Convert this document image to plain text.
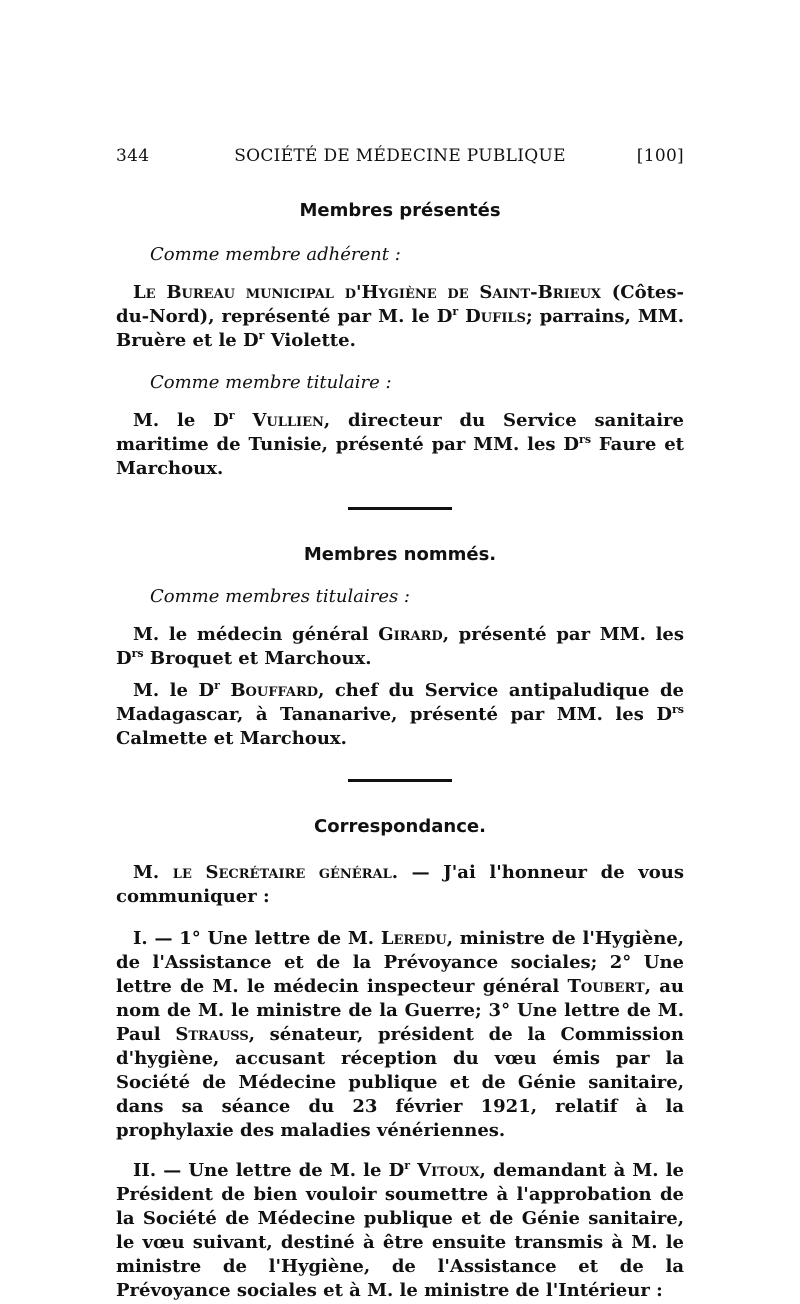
344	SOCIÉTÉ DE MÉDECINE PUBLIQUE	[100]
Membres présentés

Comme membre adhérent :

Le Bureau municipal d'Hygiène de Saint-Brieux (Côtes-du-Nord), représenté par M. le $D^r$ Dufils; parrains, MM. Bruère et le $D^r$ Violette.

Comme membre titulaire :

M. le $D^r$ Vullien, directeur du Service sanitaire maritime de Tunisie, présenté par MM. les $D^{rs}$ Faure et Marchoux.

Membres nommés.

Comme membres titulaires :

M. le médecin général Girard, présenté par MM. les $D^{rs}$ Broquet et Marchoux.

M. le $D^r$ Bouffard, chef du Service antipaludique de Madagascar, à Tananarive, présenté par MM. les $D^{rs}$ Calmette et Marchoux.

Correspondance.

M. le Secrétaire général. — J'ai l'honneur de vous communiquer :

I. — 1° Une lettre de M. Leredu, ministre de l'Hygiène, de l'Assistance et de la Prévoyance sociales; 2° Une lettre de M. le médecin inspecteur général Toubert, au nom de M. le ministre de la Guerre; 3° Une lettre de M. Paul Strauss, sénateur, président de la Commission d'hygiène, accusant réception du vœu émis par la Société de Médecine publique et de Génie sanitaire, dans sa séance du 23 février 1921, relatif à la prophylaxie des maladies vénériennes.

II. — Une lettre de M. le $D^r$ Vitoux, demandant à M. le Président de bien vouloir soumettre à l'approbation de la Société de Médecine publique et de Génie sanitaire, le vœu suivant, destiné à être ensuite transmis à M. le ministre de l'Hygiène, de l'Assistance et de la Prévoyance sociales et à M. le ministre de l'Intérieur :
